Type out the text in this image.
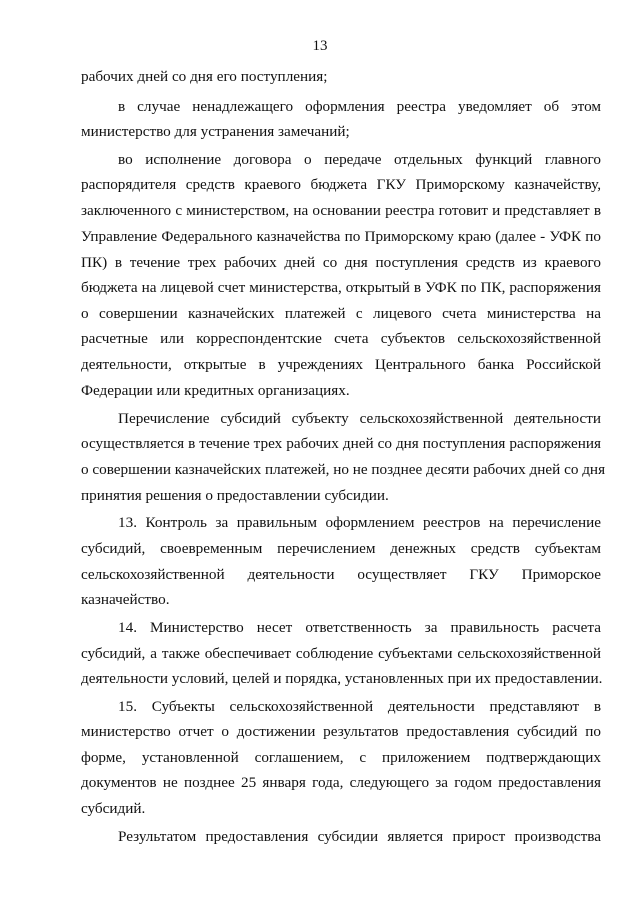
13
рабочих дней со дня его поступления;
в случае ненадлежащего оформления реестра уведомляет об этом
министерство для устранения замечаний;
во исполнение договора о передаче отдельных функций главного
распорядителя средств краевого бюджета ГКУ Приморскому казначейству,
заключенного с министерством, на основании реестра готовит и представляет в
Управление Федерального казначейства по Приморскому краю (далее - УФК по
ПК) в течение трех рабочих дней со дня поступления средств из краевого
бюджета на лицевой счет министерства, открытый в УФК по ПК, распоряжения
о совершении казначейских платежей с лицевого счета министерства на
расчетные или корреспондентские счета субъектов сельскохозяйственной
деятельности, открытые в учреждениях Центрального банка Российской
Федерации или кредитных организациях.
Перечисление субсидий субъекту сельскохозяйственной деятельности
осуществляется в течение трех рабочих дней со дня поступления распоряжения
о совершении казначейских платежей, но не позднее десяти рабочих дней со дня
принятия решения о предоставлении субсидии.
13. Контроль за правильным оформлением реестров на перечисление
субсидий, своевременным перечислением денежных средств субъектам
сельскохозяйственной деятельности осуществляет ГКУ Приморское
казначейство.
14. Министерство несет ответственность за правильность расчета
субсидий, а также обеспечивает соблюдение субъектами сельскохозяйственной
деятельности условий, целей и порядка, установленных при их предоставлении.
15. Субъекты сельскохозяйственной деятельности представляют в
министерство отчет о достижении результатов предоставления субсидий по
форме, установленной соглашением, с приложением подтверждающих
документов не позднее 25 января года, следующего за годом предоставления
субсидий.
Результатом предоставления субсидии является прирост производства
